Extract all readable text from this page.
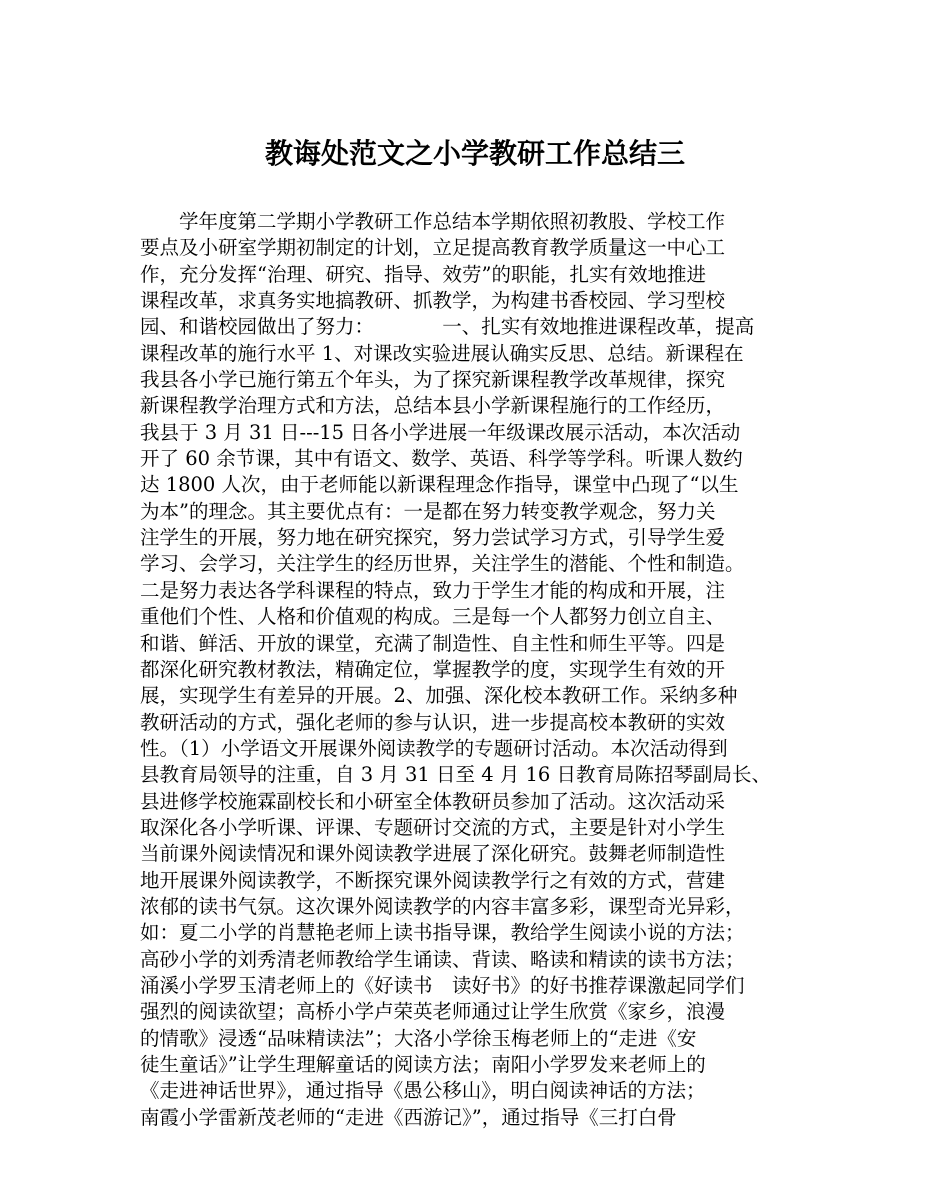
教诲处范文之小学教研工作总结三
　　学年度第二学期小学教研工作总结本学期依照初教股、学校工作
要点及小研室学期初制定的计划，立足提高教育教学质量这一中心工
作，充分发挥“治理、研究、指导、效劳”的职能，扎实有效地推进
课程改革，求真务实地搞教研、抓教学，为构建书香校园、学习型校
园、和谐校园做出了努力：　　　　一、扎实有效地推进课程改革，提高
课程改革的施行水平 1、对课改实验进展认确实反思、总结。新课程在
我县各小学已施行第五个年头，为了探究新课程教学改革规律，探究
新课程教学治理方式和方法，总结本县小学新课程施行的工作经历，
我县于 3 月 31 日---15 日各小学进展一年级课改展示活动，本次活动
开了 60 余节课，其中有语文、数学、英语、科学等学科。听课人数约
达 1800 人次，由于老师能以新课程理念作指导，课堂中凸现了“以生
为本”的理念。其主要优点有：一是都在努力转变教学观念，努力关
注学生的开展，努力地在研究探究，努力尝试学习方式，引导学生爱
学习、会学习，关注学生的经历世界，关注学生的潜能、个性和制造。
二是努力表达各学科课程的特点，致力于学生才能的构成和开展，注
重他们个性、人格和价值观的构成。三是每一个人都努力创立自主、
和谐、鲜活、开放的课堂，充满了制造性、自主性和师生平等。四是
都深化研究教材教法，精确定位，掌握教学的度，实现学生有效的开
展，实现学生有差异的开展。2、加强、深化校本教研工作。采纳多种
教研活动的方式，强化老师的参与认识，进一步提高校本教研的实效
性。（1）小学语文开展课外阅读教学的专题研讨活动。本次活动得到
县教育局领导的注重，自 3 月 31 日至 4 月 16 日教育局陈招琴副局长、
县进修学校施霖副校长和小研室全体教研员参加了活动。这次活动采
取深化各小学听课、评课、专题研讨交流的方式，主要是针对小学生
当前课外阅读情况和课外阅读教学进展了深化研究。鼓舞老师制造性
地开展课外阅读教学，不断探究课外阅读教学行之有效的方式，营建
浓郁的读书气氛。这次课外阅读教学的内容丰富多彩，课型奇光异彩，
如：夏二小学的肖慧艳老师上读书指导课，教给学生阅读小说的方法；
高砂小学的刘秀清老师教给学生诵读、背读、略读和精读的读书方法；
涌溪小学罗玉清老师上的《好读书　读好书》的好书推荐课激起同学们
强烈的阅读欲望；高桥小学卢荣英老师通过让学生欣赏《家乡，浪漫
的情歌》浸透“品味精读法”；大洛小学徐玉梅老师上的“走进《安
徒生童话》”让学生理解童话的阅读方法；南阳小学罗发来老师上的
《走进神话世界》，通过指导《愚公移山》，明白阅读神话的方法；
南霞小学雷新茂老师的“走进《西游记》”，通过指导《三打白骨
